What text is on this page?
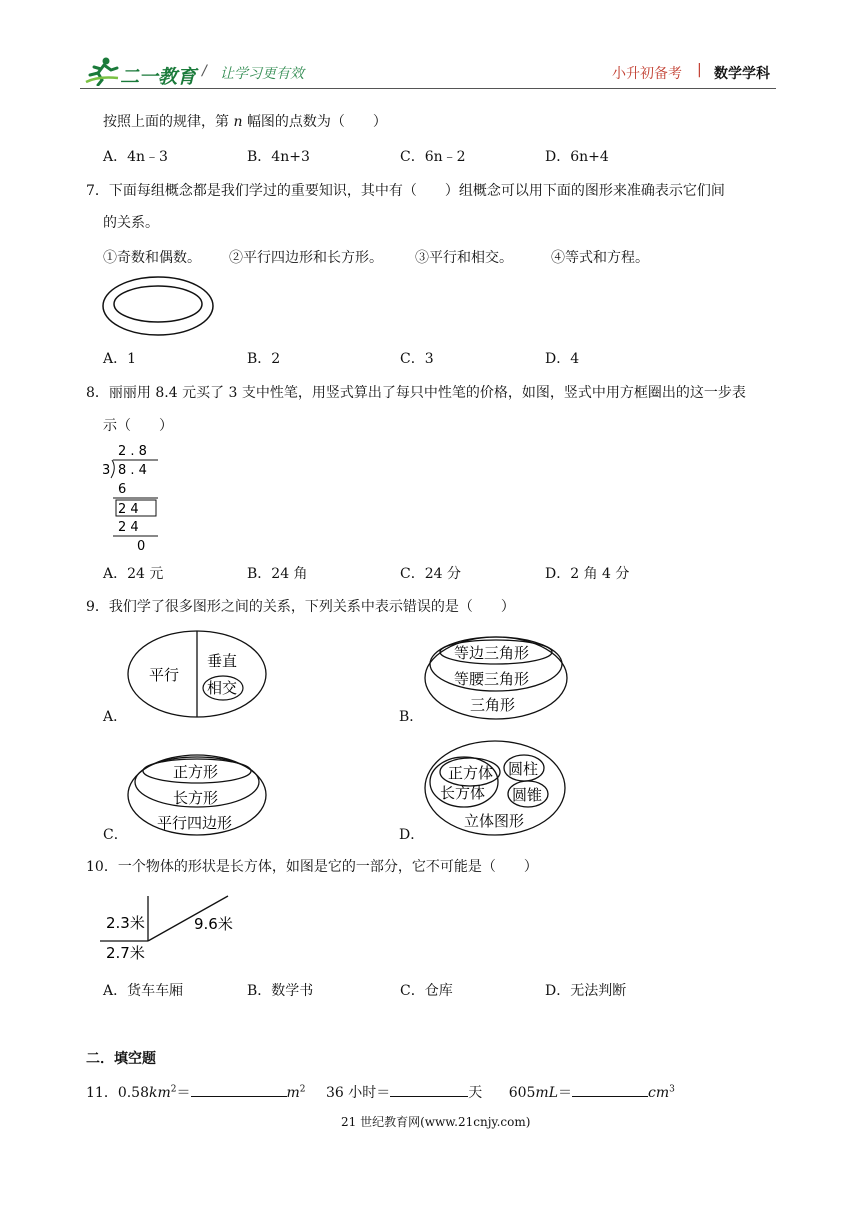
二一教育 / 让学习更有效	小升初备考 | 数学学科
按照上面的规律，第 n 幅图的点数为（　　）
A．4n﹣3	B．4n+3	C．6n﹣2	D．6n+4
7．下面每组概念都是我们学过的重要知识，其中有（　　）组概念可以用下面的图形来准确表示它们间
的关系。
①奇数和偶数。 ②平行四边形和长方形。 ③平行和相交。	④等式和方程。
A．1	B．2	C．3	D．4
8．丽丽用 8.4 元买了 3 支中性笔，用竖式算出了每只中性笔的价格，如图，竖式中用方框圈出的这一步表
示（　　）
2 . 8
3 8 . 4
6
2 4
2 4
0
A．24 元	B．24 角	C．24 分	D．2 角 4 分
9．我们学了很多图形之间的关系，下列关系中表示错误的是（　　）
A．
平行
垂直
相交
B．
等边三角形
等腰三角形
三角形
C．
正方形
长方形
平行四边形
D．
正方体
长方体
圆柱
圆锥
立体图形
10．一个物体的形状是长方体，如图是它的一部分，它不可能是（　　）
2.3米	9.6米
2.7米
A．货车车厢	B．数学书	C．仓库	D．无法判断
二．填空题
11．$0.58km^2=$	$m^2$ 36 小时＝	天 605mL＝	$cm^3$
21 世纪教育网(www.21cnjy.com)
